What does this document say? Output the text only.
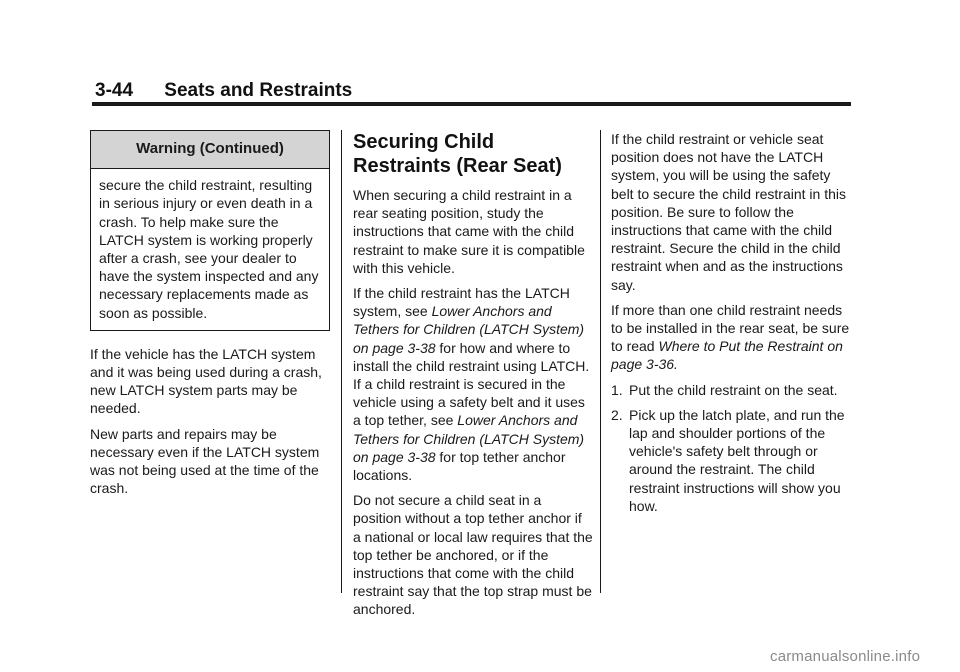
3-44 Seats and Restraints
Warning (Continued)

secure the child restraint, resulting in serious injury or even death in a crash. To help make sure the LATCH system is working properly after a crash, see your dealer to have the system inspected and any necessary replacements made as soon as possible.

If the vehicle has the LATCH system and it was being used during a crash, new LATCH system parts may be needed.

New parts and repairs may be necessary even if the LATCH system was not being used at the time of the crash.

Securing Child Restraints (Rear Seat)

When securing a child restraint in a rear seating position, study the instructions that came with the child restraint to make sure it is compatible with this vehicle.

If the child restraint has the LATCH system, see Lower Anchors and Tethers for Children (LATCH System) on page 3-38 for how and where to install the child restraint using LATCH. If a child restraint is secured in the vehicle using a safety belt and it uses a top tether, see Lower Anchors and Tethers for Children (LATCH System) on page 3-38 for top tether anchor locations.

Do not secure a child seat in a position without a top tether anchor if a national or local law requires that the top tether be anchored, or if the instructions that come with the child restraint say that the top strap must be anchored.

If the child restraint or vehicle seat position does not have the LATCH system, you will be using the safety belt to secure the child restraint in this position. Be sure to follow the instructions that came with the child restraint. Secure the child in the child restraint when and as the instructions say.

If more than one child restraint needs to be installed in the rear seat, be sure to read Where to Put the Restraint on page 3-36.

1. Put the child restraint on the seat.
2. Pick up the latch plate, and run the lap and shoulder portions of the vehicle's safety belt through or around the restraint. The child restraint instructions will show you how.
carmanualsonline.info
